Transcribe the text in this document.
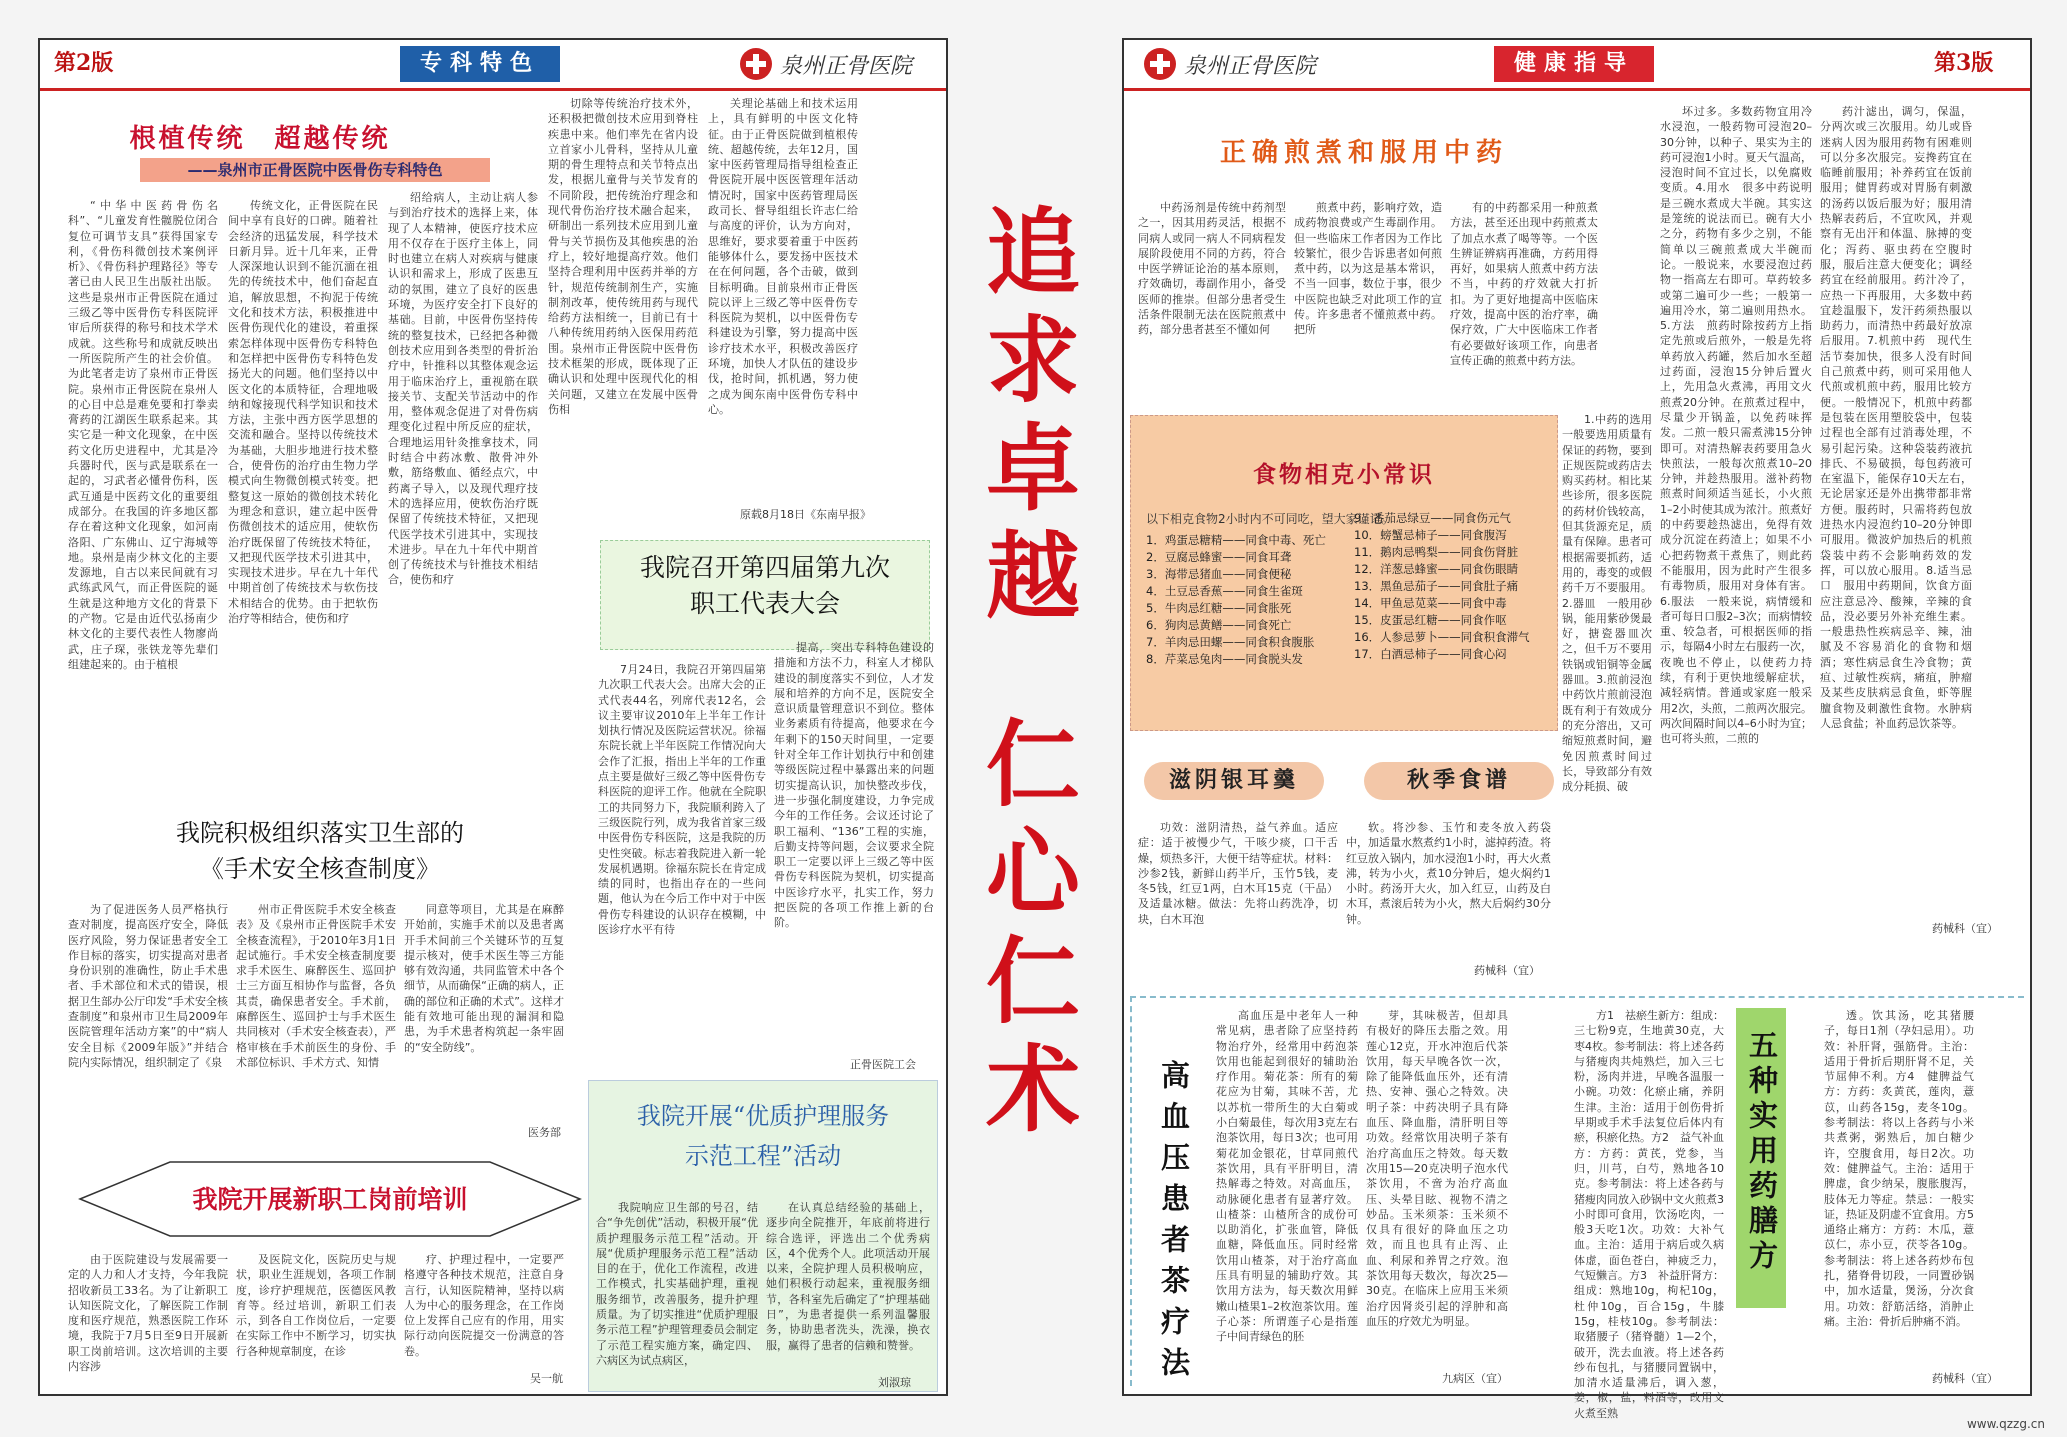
第2版	专科特色	泉州正骨医院
根植传统　超越传统
——泉州市正骨医院中医骨伤专科特色
“中华中医药骨伤名科”、“儿童发育性髋脱位闭合复位可调节支具”获得国家专利，《骨伤科微创技术案例评析》、《骨伤科护理路径》等专著已由人民卫生出版社出版。这些是泉州市正骨医院在通过三级乙等中医骨伤专科医院评审后所获得的称号和技术学术成就。这些称号和成就反映出一所医院所产生的社会价值。为此笔者走访了泉州市正骨医院。泉州市正骨医院在泉州人的心目中总是难免要和打拳卖膏药的江湖医生联系起来。其实它是一种文化现象，在中医药文化历史进程中，尤其是冷兵器时代，医与武是联系在一起的，习武者必懂骨伤科，医武互通是中医药文化的重要组成部分。在我国的许多地区都存在着这种文化现象，如河南洛阳、广东佛山、辽宁海城等地。泉州是南少林文化的主要发源地，自古以来民间就有习武练武风气，而正骨医院的诞生就是这种地方文化的背景下的产物。它是由近代弘扬南少林文化的主要代表性人物廖尚武，庄子琛，张铁龙等先辈们组建起来的。由于植根
传统文化，正骨医院在民间中享有良好的口碑。随着社会经济的迅猛发展，科学技术日新月异。近十几年来，正骨人深深地认识到不能沉湎在祖先的传统技术中，他们奋起直追，解放思想，不拘泥于传统文化和技术方法，积极推进中医骨伤现代化的建设，着重探索怎样体现中医骨伤专科特色和怎样把中医骨伤专科特色发扬光大的问题。他们坚持以中医文化的本质特征，合理地吸纳和嫁接现代科学知识和技术方法，主张中西方医学思想的交流和融合。坚持以传统技术为基础，大胆步地进行技术整合，使骨伤的治疗由生物力学模式向生物微创模式转变。把整复这一原始的微创技术转化为理念和意识，建立起中医骨伤微创技术的适应用，使软伤治疗既保留了传统技术特征，又把现代医学技术引进其中，实现技术进步。早在九十年代中期首创了传统技术与软伤技术相结合的优势。由于把软伤治疗等相结合，使伤和疗
绍给病人，主动让病人参与到治疗技术的选择上来，体现了人本精神，使医疗技术应用不仅存在于医疗主体上，同时也建立在病人对疾病与健康认识和需求上，形成了医患互动的氛围，建立了良好的医患环境，为医疗安全打下良好的基础。目前，中医骨伤坚持传统的整复技术，已经把各种微创技术应用到各类型的骨折治疗中，针推科以其整体观念运用于临床治疗上，重视筋在联接关节、支配关节活动中的作用，整体观念促进了对骨伤病理变化过程中所反应的症状，合理地运用针灸推拿技术，同时结合中药冰敷、散骨冲外敷，筋络敷血、循经点穴，中药离子导入，以及现代理疗技术的选择应用，使软伤治疗既保留了传统技术特征，又把现代医学技术引进其中，实现技术进步。早在九十年代中期首创了传统技术与针推技术相结合，使伤和疗
切除等传统治疗技术外，还积极把微创技术应用到脊柱疾患中来。他们率先在省内设立首家小儿骨科，坚持从儿童期的骨生理特点和关节特点出发，根据儿童骨与关节发育的不同阶段，把传统治疗理念和现代骨伤治疗技术融合起来，研制出一系列技术应用到儿童骨与关节损伤及其他疾患的治疗上，较好地提高疗效。他们坚持合理利用中医药并举的方针，规范传统制剂生产，实施制剂改革，使传统用药与现代给药方法相统一，目前已有十八种传统用药纳入医保用药范围。泉州市正骨医院中医骨伤技术框架的形成，既体现了正确认识和处理中医现代化的相关问题，又建立在发展中医骨伤相
关理论基础上和技术运用上，具有鲜明的中医文化特征。由于正骨医院做到植根传统、超越传统，去年12月，国家中医药管理局指导组检查正骨医院开展中医医管理年活动情况时，国家中医药管理局医政司长、督导组组长许志仁给与高度的评价，认为方向对，思维好，要求要着重于中医药能够体什么，要发扬中医技术在在何问题，各个击破，做到目标明确。目前泉州市正骨医院以评上三级乙等中医骨伤专科医院为契机，以中医骨伤专科建设为引擎，努力提高中医诊疗技术水平，积极改善医疗环境，加快人才队伍的建设步伐，抢时间，抓机遇，努力使之成为闽东南中医骨伤专科中心。
原载8月18日《东南早报》
我院召开第四届第九次
职工代表大会
7月24日，我院召开第四届第九次职工代表大会。出席大会的正式代表44名，列席代表12名，会议主要审议2010年上半年工作计划执行情况及医院运营状况。徐福东院长就上半年医院工作情况向大会作了汇报，指出上半年的工作重点主要是做好三级乙等中医骨伤专科医院的迎评工作。他就在全院职工的共同努力下，我院顺利跨入了三级医院行列，成为我省首家三级中医骨伤专科医院，这是我院的历史性突破。标志着我院进入新一轮发展机遇期。徐福东院长在肯定成绩的同时，也指出存在的一些问题，他认为在今后工作中对于中医骨伤专科建设的认识存在模糊，中医诊疗水平有待
提高，突出专科特色建设的措施和方法不力，科室人才梯队建设的制度落实不到位，人才发展和培养的方向不足，医院安全意识质量管理意识不到位。整体业务素质有待提高，他要求在今年剩下的150天时间里，一定要针对全年工作计划执行中和创建等级医院过程中暴露出来的问题切实提高认识，加快整改步伐，进一步强化制度建设，力争完成今年的工作任务。会议还讨论了职工福利、“136”工程的实施，后勤支持等问题，会议要求全院职工一定要以评上三级乙等中医骨伤专科医院为契机，切实提高中医诊疗水平，扎实工作，努力把医院的各项工作推上新的台阶。
正骨医院工会
我院积极组织落实卫生部的
《手术安全核查制度》
为了促进医务人员严格执行查对制度，提高医疗安全，降低医疗风险，努力保证患者安全工作目标的落实，切实提高对患者身份识别的准确性，防止手术患者、手术部位和术式的错误，根据卫生部办公厅印发“手术安全核查制度”和泉州市卫生局2009年医院管理年活动方案”的中“病人安全目标《2009年版》”并结合院内实际情况，组织制定了《泉
州市正骨医院手术安全核查表》及《泉州市正骨医院手术安全核查流程》，于2010年3月1日起试施行。手术安全核查制度要求手术医生、麻醉医生、巡回护士三方面互相协作与监督，各负其责，确保患者安全。手术前，麻醉医生、巡回护士与手术医生共同核对（手术安全核查表），严格审核在手术前医生的身份、手术部位标识、手术方式、知情
同意等项目，尤其是在麻醉开始前，实施手术前以及患者离开手术间前三个关键环节的互复提示核对，使手术医生等三方能够有效沟通，共同监管术中各个细节，从而确保“正确的病人，正确的部位和正确的术式”。这样才能有效地可能出现的漏洞和隐患，为手术患者构筑起一条牢固的“安全防线”。
医务部
我院开展新职工岗前培训
由于医院建设与发展需要一定的人力和人才支持，今年我院招收新员工33名。为了让新职工认知医院文化，了解医院工作制度和医疗规范，熟悉医院工作环境，我院于7月5日至9日开展新职工岗前培训。这次培训的主要内容涉
及医院文化，医院历史与规状，职业生涯规划，各项工作制度，诊疗护理规范，医德医风教育等。经过培训，新职工们表示，到各自工作岗位后，一定要在实际工作中不断学习，切实执行各种规章制度，在诊
疗、护理过程中，一定要严格遵守各种技术规范，注意自身言行，认知医院精神，坚持以病人为中心的服务理念，在工作岗位上发挥自己应有的作用，用实际行动向医院提交一份满意的答卷。
吴一航
我院开展“优质护理服务
示范工程”活动
我院响应卫生部的号召，结合“争先创优”活动，积极开展“优质护理服务示范工程”活动。开展“优质护理服务示范工程”活动目的在于，优化工作流程，改进工作模式，扎实基础护理，重视服务细节，改善服务，提升护理质量。为了切实推进“优质护理服务示范工程”护理管理委员会制定了示范工程实施方案，确定四、六病区为试点病区，
在认真总结经验的基础上，逐步向全院推开，年底前将进行综合选评，评选出二个优秀病区，4个优秀个人。此项活动开展以来，全院护理人员积极响应，她们积极行动起来，重视服务细节，各科室先后确定了“护理基础日”，为患者提供一系列温馨服务，协助患者洗头，洗澡，换衣服，赢得了患者的信赖和赞誉。
刘淑琼
追
求
卓
越
仁
心
仁
术
泉州正骨医院	健康指导	第3版
正确煎煮和服用中药
中药汤剂是传统中药剂型之一，因其用药灵活，根据不同病人或同一病人不同病程发展阶段使用不同的方药，符合中医学辨证论治的基本原则，疗效确切，毒副作用小，备受医师的推崇。但部分患者受生活条件限制无法在医院煎煮中药，部分患者甚至不懂如何
煎煮中药，影响疗效，造成药物浪费或产生毒副作用。但一些临床工作者因为工作比较繁忙，很少告诉患者如何煎煮中药，以为这是基本常识，不当一回事，数位于事，很少中医院也缺乏对此项工作的宣传。许多患者不懂煎煮中药。把所
有的中药都采用一种煎煮方法，甚至还出现中药煎煮太了加点水煮了喝等等。一个医生辨证辨病再准确，方药用得再好，如果病人煎煮中药方法不当，中药的疗效就大打折扣。为了更好地提高中医临床疗效，提高中医的治疗率，确保疗效，广大中医临床工作者有必要做好该项工作，向患者宣传正确的煎煮中药方法。
1.中药的选用　一般要选用质量有保证的药物，要到正规医院或药店去购买药材。相比某些诊所，很多医院的药材价钱较高，但其货源充足，质量有保障。患者可根据需要抓药，适用的，毒变的或假药千万不要服用。2.器皿　一般用砂锅，能用紫砂煲最好，搪瓷器皿次之，但千万不要用铁锅或铝铜等金属器皿。3.煎前浸泡　中药饮片煎前浸泡既有利于有效成分的充分溶出，又可缩短煎煮时间，避免因煎煮时间过长，导致部分有效成分耗损、破
坏过多。多数药物宜用冷水浸泡，一般药物可浸泡20–30分钟，以种子、果实为主的药可浸泡1小时。夏天气温高，浸泡时间不宜过长，以免腐败变质。4.用水　很多中药说明是三碗水煮成大半碗。其实这是笼统的说法而已。碗有大小之分，药物有多少之别，不能简单以三碗煎煮成大半碗而论。一般说来，水要浸泡过药物一指高左右即可。草药较多或第二遍可少一些；一般第一遍用冷水，第二遍则用热水。5.方法　煎药时除按药方上指定先煎或后煎外，一般是先将单药放入药罐，然后加水至超过药面，浸泡15分钟后置火上，先用急火煮沸，再用文火煎煮20分钟。在煎煮过程中，尽量少开锅盖，以免药味挥发。二煎一般只需煮沸15分钟即可。对清热解表药要用急火快煎法，一般每次煎煮10–20分钟，并趁热服用。滋补药物煎煮时间须适当延长，小火煎1–2小时使其成为浓汁。煎煮好的中药要趁热滤出，免得有效成分沉淀在药渣上；如果不小心把药物煮干煮焦了，则此药不能服用，因为此时产生很多有毒物质，服用对身体有害。6.服法　一般来说，病情缓和者可每日口服2–3次；而病情较重、较急者，可根据医师的指示，每隔4小时左右服药一次，夜晚也不停止，以使药力持续，有利于更快地缓解症状，减轻病情。普通或家庭一般采用2次，头煎，二煎两次服完。两次间隔时间以4–6小时为宜；也可将头煎，二煎的
药汁滤出，调匀，保温，分两次或三次服用。幼儿或昏迷病人因为服用药物有困难则可以分多次服完。妄搀药宜在临睡前服用；补养药宜在饭前服用；健胃药或对胃肠有刺激的汤药以饭后服为好；服用清热解表药后，不宜吹风，并观察有无出汗和体温、脉搏的变化；泻药、驱虫药在空腹时服，服后注意大便变化；调经药宜在经前服用。药汁冷了，应热一下再服用，大多数中药宜趁温服下，发汗药须热服以助药力，而清热中药最好放凉后服用。7.机煎中药　现代生活节奏加快，很多人没有时间自己煎煮中药，则可采用他人代煎或机煎中药，服用比较方便。一般情况下，机煎中药都是包装在医用塑胶袋中，包装过程也全部有过消毒处理，不易引起污染。这种袋装药液抗排氏、不易破损，每包药液可在室温下，能保存10天左右，无论居家还是外出携带都非常方便。服药时，只需将药包放进热水内浸泡约10–20分钟即可服用。微波炉加热后的机煎袋装中药不会影响药效的发挥，可以放心服用。8.适当忌口　服用中药期间，饮食方面应注意忌冷、酸辣，辛辣的食品，没必要另外补充维生素。一般患热性疾病忌辛、辣，油腻及不容易消化的食物和烟酒；寒性病忌食生冷食物；黄疸、过敏性疾病，痛疽，肿瘤及某些皮肤病忌食鱼，虾等腥膻食物及刺激性食物。水肿病人忌食盐；补血药忌饮茶等。
药械科（宜）
食物相克小常识
以下相克食物2小时内不可同吃，望大家谨记。
1．鸡蛋忌糖精——同食中毒、死亡
2．豆腐忌蜂蜜——同食耳聋
3．海带忌猪血——同食便秘
4．土豆忌香蕉——同食生雀斑
5．牛肉忌红糖——同食胀死
6．狗肉忌黄鳝——同食死亡
7．羊肉忌田螺——同食积食腹胀
8．芹菜忌兔肉——同食脱头发
9．番茄忌绿豆——同食伤元气
10．螃蟹忌柿子——同食腹泻
11．鹅肉忌鸭梨——同食伤肾脏
12．洋葱忌蜂蜜——同食伤眼睛
13．黑鱼忌茄子——同食肚子痛
14．甲鱼忌苋菜——同食中毒
15．皮蛋忌红糖——同食作呕
16．人参忌萝卜——同食积食滞气
17．白酒忌柿子——同食心闷
滋阴银耳羹	秋季食谱
功效：滋阴清热，益气养血。适应症：适于被慢少气，干咳少痰，口干舌燥，烦热多汗，大便干结等症状。材料：沙参2钱，新鲜山药半斤，玉竹5钱，麦冬5钱，红豆1两，白木耳15克（干品）及适量冰糖。做法：先将山药洗净，切块，白木耳泡
软。将沙参、玉竹和麦冬放入药袋中，加适量水熬煮约1小时，滤掉药渣。将红豆放入锅内，加水浸泡1小时，再大火煮沸，转为小火，煮10分钟后，熄火焖约1小时。药汤开大火，加入红豆，山药及白木耳，煮滚后转为小火，熬大后焖约30分钟。
药械科（宜）
高血压患者茶疗法
高血压是中老年人一种常见病，患者除了应坚持药物治疗外，经常用中药泡茶饮用也能起到很好的辅助治疗作用。菊花茶：所有的菊花应为甘菊，其味不苦，尤以苏杭一带所生的大白菊或小白菊最佳，每次用3克左右泡茶饮用，每日3次；也可用菊花加金银花，甘草同煎代茶饮用，具有平肝明目，清热解毒之特效。对高血压，动脉硬化患者有显著疗效。山楂茶：山楂所含的成份可以助消化，扩张血管，降低血糖，降低血压。同时经常饮用山楂茶，对于治疗高血压具有明显的辅助疗效。其饮用方法为，每天数次用鲜嫩山楂果1–2枚泡茶饮用。莲子心茶：所谓莲子心是指莲子中间青绿色的胚
芽，其味极苦，但却具有极好的降压去脂之效。用莲心12克，开水冲泡后代茶饮用，每天早晚各饮一次，除了能降低血压外，还有清热、安神、强心之特效。决明子茶：中药决明子具有降血压、降血脂，清肝明目等功效。经常饮用决明子茶有治疗高血压之特效。每天数次用15—20克决明子泡水代茶饮用，不啻为治疗高血压、头晕目眩、视物不清之妙品。玉米须茶：玉米须不仅具有很好的降血压之功效，而且也具有止泻、止血、利尿和养胃之疗效。泡茶饮用每天数次，每次25—30克。在临床上应用玉米须治疗因肾炎引起的浮肿和高血压的疗效尤为明显。
九病区（宜）
方1　祛瘀生新方：组成：三七粉9克，生地黄30克，大枣4枚。参考制法：将上述各药与猪瘦肉共炖熟烂，加入三七粉，汤肉并进，早晚各温服一小碗。功效：化瘀止痛，养阴生津。主治：适用于创伤骨折早期或手术手法复位后体内有瘀，积瘀化热。方2　益气补血方：方药：黄芪，党参，当归，川芎，白芍，熟地各10克。参考制法：将上述各药与猪瘦肉同放入砂锅中文火煎煮3小时即可食用，饮汤吃肉，一般3天吃1次。功效：大补气血。主治：适用于病后或久病体虚，面色苍白，神疲乏力，气短懒言。方3　补益肝肾方：组成：熟地10g，枸杞10g，杜仲10g，百合15g，牛膝15g，桂枝10g。参考制法：取猪腰子（猪脊髓）1—2个，破开，洗去血液。将上述各药纱布包扎，与猪腰同置锅中，加清水适量沸后，调入葱，姜，椒，盐，料酒等，改用文火煮至熟
五种实用药膳方
透。饮其汤，吃其猪腰子，每日1剂（孕妇忌用）。功效：补肝肾，强筋骨。主治：适用于骨折后期肝肾不足，关节屈伸不利。方4　健脾益气方：方药：炙黄芪，莲肉，薏苡，山药各15g，麦冬10g。参考制法：将以上各药与小米共煮粥，粥熟后，加白糖少许，空腹食用，每日2次。功效：健脾益气。主治：适用于脾虚，食少纳呆，腹胀腹泻，肢体无力等症。禁忌：一般实证，热证及阴虚不宜食用。方5　通络止痛方：方药：木瓜，薏苡仁，赤小豆，茯苓各10g。参考制法：将上述各药炒布包扎，猪脊骨切段，一同置砂锅中，加水适量，煲汤，分次食用。功效：舒筋活络，消肿止痛。主治：骨折后肿痛不消。
药械科（宜）
www.qzzg.cn
